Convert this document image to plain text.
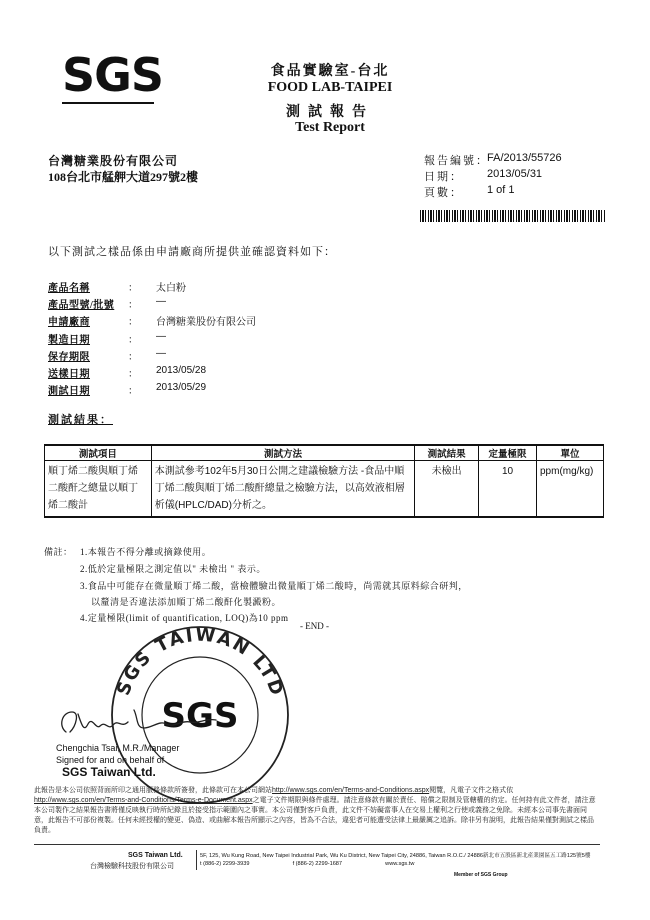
SGS	食品實驗室-台北
FOOD LAB-TAIPEI
測試報告
Test Report
台灣糖業股份有限公司
108台北市艋舺大道297號2樓
報告編號：
FA/2013/55726
日期： 2013/05/31
頁數： 1 of 1
以下測試之樣品係由申請廠商所提供並確認資料如下：
產品名稱	： 太白粉
產品型號/批號 ： —
申請廠商	： 台灣糖業股份有限公司
製造日期	： —
保存期限	： —
送樣日期	： 2013/05/28
測試日期	： 2013/05/29
測試結果：
測試項目	測試方法	測試結果	定量極限	單位
順丁烯二酸與順丁烯二酸酐之總量以順丁烯二酸計	本測試參考102年5月30日公開之建議檢驗方法 -食品中順丁烯二酸與順丁烯二酸酐總量之檢驗方法，以高效液相層析儀(HPLC/DAD)分析之。	未檢出	10	ppm(mg/kg)
備註： 1.本報告不得分離或摘錄使用。
2.低於定量極限之測定值以" 未檢出 " 表示。
3.食品中可能存在微量順丁烯二酸，當檢體驗出微量順丁烯二酸時，尚需就其原料綜合研判，
以釐清是否違法添加順丁烯二酸酐化製澱粉。
4.定量極限(limit of quantification, LOQ)為10 ppm
- END -
SGS TAIWAN LTD
SGS
Chengchia Tsai, M.R./Manager
Signed for and on behalf of
SGS Taiwan Ltd.
此報告是本公司依照背面所印之通用服務條款所簽發，此條款可在本公司網站http://www.sgs.com/en/Terms-and-Conditions.aspx閱覽，凡電子文件之格式依http://www.sgs.com/en/Terms-and-Conditions/Terms-e-Document.aspx之電子文件期限與條件處理。請注意條款有關於責任、賠償之限制及管轄權的約定。任何持有此文件者，請注意本公司製作之結果報告書將僅反映執行時所紀錄且於接受指示範圍內之事實。本公司僅對客戶負責，此文件不妨礙當事人在交易上權利之行使或義務之免除。未經本公司事先書面同意，此報告不可部份複製。任何未經授權的變更、偽造、或曲解本報告所顯示之內容，皆為不合法，違犯者可能遭受法律上最嚴厲之追訴。除非另有說明，此報告結果僅對測試之樣品負責。
SGS Taiwan Ltd.
台灣檢驗科技股份有限公司
5F, 125, Wu Kung Road, New Taipei Industrial Park, Wu Ku District, New Taipei City, 24886, Taiwan R.O.C./ 24886新北市五股區新北產業園區五工路125號5樓
t (886-2) 2299-3939	f (886-2) 2299-1687	www.sgs.tw
Member of SGS Group
